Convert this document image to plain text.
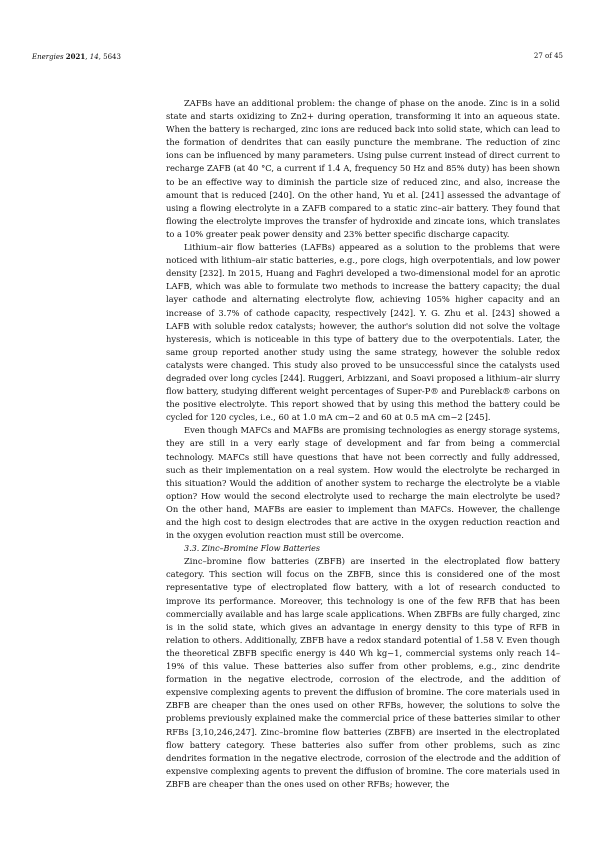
Energies 2021, 14, 5643	27 of 45

ZAFBs have an additional problem: the change of phase on the anode. Zinc is in a solid state and starts oxidizing to Zn2+ during operation, transforming it into an aqueous state. When the battery is recharged, zinc ions are reduced back into solid state, which can lead to the formation of dendrites that can easily puncture the membrane. The reduction of zinc ions can be influenced by many parameters. Using pulse current instead of direct current to recharge ZAFB (at 40 °C, a current if 1.4 A, frequency 50 Hz and 85% duty) has been shown to be an effective way to diminish the particle size of reduced zinc, and also, increase the amount that is reduced [240]. On the other hand, Yu et al. [241] assessed the advantage of using a flowing electrolyte in a ZAFB compared to a static zinc–air battery. They found that flowing the electrolyte improves the transfer of hydroxide and zincate ions, which translates to a 10% greater peak power density and 23% better specific discharge capacity.

Lithium–air flow batteries (LAFBs) appeared as a solution to the problems that were noticed with lithium–air static batteries, e.g., pore clogs, high overpotentials, and low power density [232]. In 2015, Huang and Faghri developed a two-dimensional model for an aprotic LAFB, which was able to formulate two methods to increase the battery capacity; the dual layer cathode and alternating electrolyte flow, achieving 105% higher capacity and an increase of 3.7% of cathode capacity, respectively [242]. Y. G. Zhu et al. [243] showed a LAFB with soluble redox catalysts; however, the author's solution did not solve the voltage hysteresis, which is noticeable in this type of battery due to the overpotentials. Later, the same group reported another study using the same strategy, however the soluble redox catalysts were changed. This study also proved to be unsuccessful since the catalysts used degraded over long cycles [244]. Ruggeri, Arbizzani, and Soavi proposed a lithium–air slurry flow battery, studying different weight percentages of Super-P® and Pureblack® carbons on the positive electrolyte. This report showed that by using this method the battery could be cycled for 120 cycles, i.e., 60 at 1.0 mA cm−2 and 60 at 0.5 mA cm−2 [245].

Even though MAFCs and MAFBs are promising technologies as energy storage systems, they are still in a very early stage of development and far from being a commercial technology. MAFCs still have questions that have not been correctly and fully addressed, such as their implementation on a real system. How would the electrolyte be recharged in this situation? Would the addition of another system to recharge the electrolyte be a viable option? How would the second electrolyte used to recharge the main electrolyte be used? On the other hand, MAFBs are easier to implement than MAFCs. However, the challenge and the high cost to design electrodes that are active in the oxygen reduction reaction and in the oxygen evolution reaction must still be overcome.

3.3. Zinc–Bromine Flow Batteries

Zinc–bromine flow batteries (ZBFB) are inserted in the electroplated flow battery category. This section will focus on the ZBFB, since this is considered one of the most representative type of electroplated flow battery, with a lot of research conducted to improve its performance. Moreover, this technology is one of the few RFB that has been commercially available and has large scale applications. When ZBFBs are fully charged, zinc is in the solid state, which gives an advantage in energy density to this type of RFB in relation to others. Additionally, ZBFB have a redox standard potential of 1.58 V. Even though the theoretical ZBFB specific energy is 440 Wh kg−1, commercial systems only reach 14–19% of this value. These batteries also suffer from other problems, e.g., zinc dendrite formation in the negative electrode, corrosion of the electrode, and the addition of expensive complexing agents to prevent the diffusion of bromine. The core materials used in ZBFB are cheaper than the ones used on other RFBs, however, the solutions to solve the problems previously explained make the commercial price of these batteries similar to other RFBs [3,10,246,247]. Zinc–bromine flow batteries (ZBFB) are inserted in the electroplated flow battery category. These batteries also suffer from other problems, such as zinc dendrites formation in the negative electrode, corrosion of the electrode and the addition of expensive complexing agents to prevent the diffusion of bromine. The core materials used in ZBFB are cheaper than the ones used on other RFBs; however, the
